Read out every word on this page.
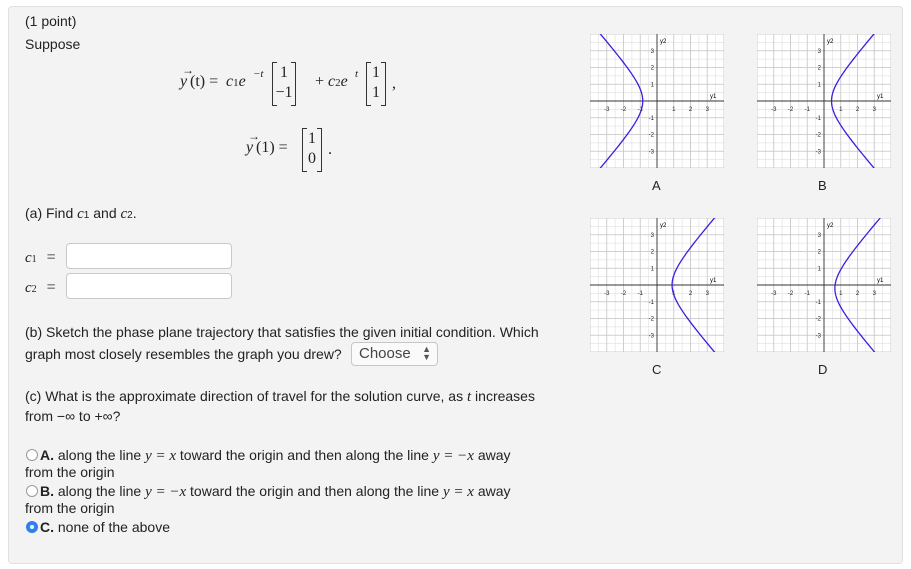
(1 point)
Suppose
→
y (t) = c1e −t	1
−1
+ c2e t 1
1
,
→
y (1) =
1
0
.
(a) Find c1 and c2.
c1 =
c2 =
(b) Sketch the phase plane trajectory that satisfies the given initial condition. Which
graph most closely resembles the graph you drew?	Choose ▲
▼
(c) What is the approximate direction of travel for the solution curve, as t increases
from −∞ to +∞?
A. along the line y = x toward the origin and then along the line y = −x away
from the origin
B. along the line y = −x toward the origin and then along the line y = x away
from the origin
C. none of the above
-3
-3
-2
-2
-1
-1
1
1
2
2
3
3
y2
y1
A
-3
-3
-2
-2
-1
-1
1
1
2
2
3
3
y2
y1
B
-3
-3
-2
-2
-1
-1
1
1
2
2
3
3
y2
y1
C
-3
-3
-2
-2
-1
-1
1
1
2
2
3
3
y2
y1
D
